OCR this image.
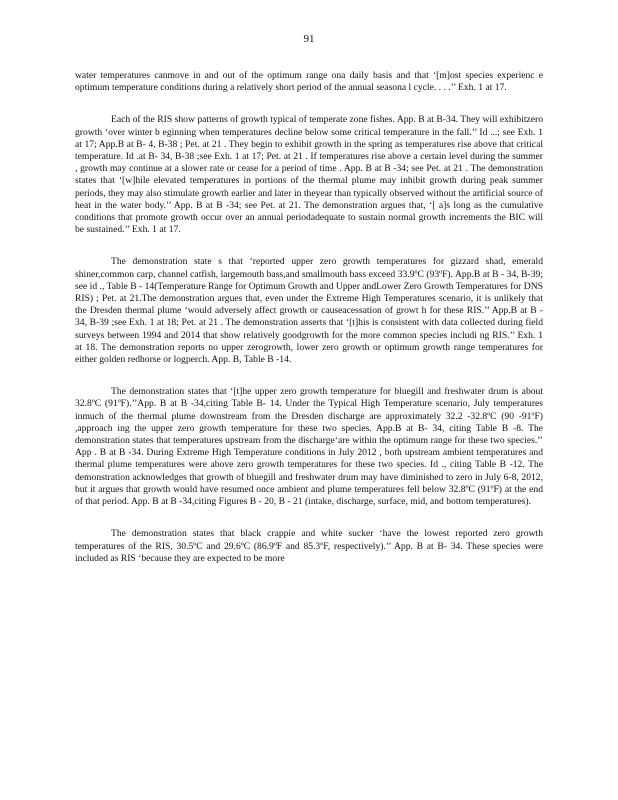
91

water temperatures canmove in and out of the optimum range ona daily basis and that ‘[m]ost species experienc e optimum temperature conditions during a relatively short period of the annual seasona l cycle. . . .’’ Exh. 1 at 17.

Each of the RIS show patterns of growth typical of temperate zone fishes. App. B at B-34. They will exhibitzero growth ‘over winter b eginning when temperatures decline below some critical temperature in the fall.’’ Id ...; see Exh. 1 at 17; App.B at B- 4, B-38 ; Pet. at 21 . They begin to exhibit growth in the spring as temperatures rise above that critical temperature. Id .at B- 34, B-38 ;see Exh. 1 at 17; Pet. at 21 . If temperatures rise above a certain level during the summer , growth may continue at a slower rate or cease for a period of time . App. B at B -34; see Pet. at 21 . The demonstration states that ‘[w]hile elevated temperatures in portions of the thermal plume may inhibit growth during peak summer periods, they may also stimulate growth earlier and later in theyear than typically observed without the artificial source of heat in the water body.’’ App. B at B -34; see Pet. at 21. The demonstration argues that, ‘[ a]s long as the cumulative conditions that promote growth occur over an annual periodadequate to sustain normal growth increments the BIC will be sustained.’’ Exh. 1 at 17.

The demonstration state s that ‘reported upper zero growth temperatures for gizzard shad, emerald shiner,common carp, channel catfish, largemouth bass,and smallmouth bass exceed 33.9ºC (93ºF). App.B at B - 34, B-39; see id ., Table B - 14(Temperature Range for Optimum Growth and Upper andLower Zero Growth Temperatures for DNS RIS) ; Pet. at 21.The demonstration argues that, even under the Extreme High Temperatures scenario, it is unlikely that the Dresden thermal plume ‘would adversely affect growth or causeacessation of growt h for these RIS.’’ App.B at B - 34, B-39 ;see Exh. 1 at 18; Pet. at 21 . The demonstration asserts that ‘[t]his is consistent with data collected during field surveys between 1994 and 2014 that show relatively goodgrowth for the more common species includi ng RIS.’’ Exh. 1 at 18. The demonstration reports no upper zerogrowth, lower zero growth or optimum growth range temperatures for either golden redhorse or logperch. App. B, Table B -14.

The demonstration states that ‘[t]he upper zero growth temperature for bluegill and freshwater drum is about 32.8ºC (91ºF).’’App. B at B -34,citing Table B- 14. Under the Typical High Temperature scenario, July temperatures inmuch of the thermal plume downstream from the Dresden discharge are approximately 32.2 -32.8ºC (90 -91ºF) ,approach ing the upper zero growth temperature for these two species. App.B at B- 34, citing Table B -8. The demonstration states that temperatures upstream from the discharge‘are within the optimum range for these two species.’’ App . B at B -34. During Extreme High Temperature conditions in July 2012 , both upstream ambient temperatures and thermal plume temperatures were above zero growth temperatures for these two species. Id ., citing Table B -12. The demonstration acknowledges that growth of bluegill and freshwater drum may have diminished to zero in July 6-8, 2012, but it argues that growth would have resumed once ambient and plume temperatures fell below 32.8ºC (91ºF) at the end of that period. App. B at B -34,citing Figures B - 20, B - 21 (intake, discharge, surface, mid, and bottom temperatures).

The demonstration states that black crappie and white sucker ‘have the lowest reported zero growth temperatures of the RIS, 30.5ºC and 29.6ºC (86.9ºF and 85.3ºF, respectively).’’ App. B at B- 34. These species were included as RIS ‘because they are expected to be more
